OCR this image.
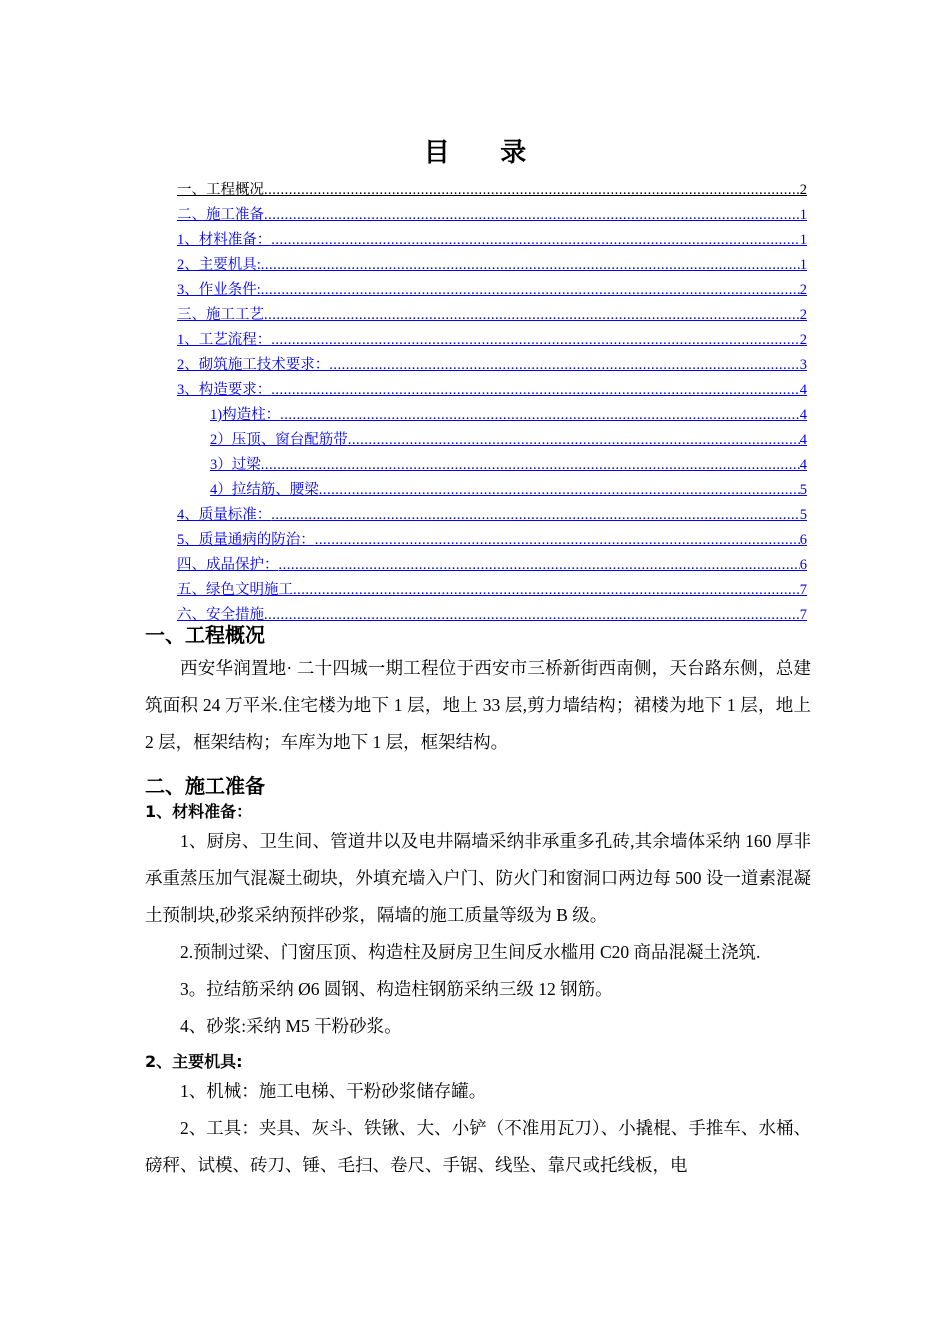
目 录
一、工程概况 .....	2
二、施工准备 .....	1
1、材料准备： .....	1
2、主要机具: .....	1
3、作业条件: .....	2
三、施工工艺 .....	2
1、工艺流程： .....	2
2、砌筑施工技术要求： .....	3
3、构造要求： .....	4
1)构造柱： .....	4
2）压顶、窗台配筋带 .....	4
3）过梁 .....	4
4）拉结筋、腰梁 .....	5
4、质量标准： .....	5
5、质量通病的防治： .....	6
四、成品保护： .....	6
五、绿色文明施工 .....	7
六、安全措施 .....	7
一、工程概况

西安华润置地· 二十四城一期工程位于西安市三桥新街西南侧，天台路东侧，总建筑面积 24 万平米.住宅楼为地下 1 层，地上 33 层,剪力墙结构；裙楼为地下 1 层，地上 2 层，框架结构；车库为地下 1 层，框架结构。

二、施工准备
1、材料准备：

1、厨房、卫生间、管道井以及电井隔墙采纳非承重多孔砖,其余墙体采纳 160 厚非承重蒸压加气混凝土砌块，外填充墙入户门、防火门和窗洞口两边每 500 设一道素混凝土预制块,砂浆采纳预拌砂浆，隔墙的施工质量等级为 B 级。

2.预制过梁、门窗压顶、构造柱及厨房卫生间反水槛用 C20 商品混凝土浇筑.

3。拉结筋采纳 Ø6 圆钢、构造柱钢筋采纳三级 12 钢筋。

4、砂浆:采纳 M5 干粉砂浆。

2、主要机具:

1、机械：施工电梯、干粉砂浆储存罐。

2、工具：夹具、灰斗、铁锹、大、小铲（不准用瓦刀）、小撬棍、手推车、水桶、磅秤、试模、砖刀、锤、毛扫、卷尺、手锯、线坠、靠尺或托线板，电
